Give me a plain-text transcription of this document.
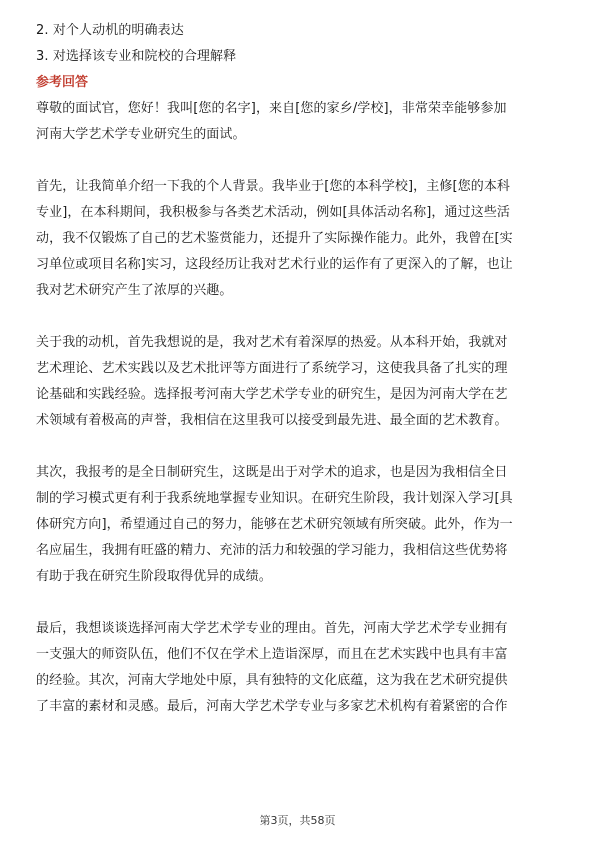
2. 对个人动机的明确表达
3. 对选择该专业和院校的合理解释
参考回答
尊敬的面试官，您好！我叫[您的名字]，来自[您的家乡/学校]，非常荣幸能够参加
河南大学艺术学专业研究生的面试。
首先，让我简单介绍一下我的个人背景。我毕业于[您的本科学校]，主修[您的本科
专业]，在本科期间，我积极参与各类艺术活动，例如[具体活动名称]，通过这些活
动，我不仅锻炼了自己的艺术鉴赏能力，还提升了实际操作能力。此外，我曾在[实
习单位或项目名称]实习，这段经历让我对艺术行业的运作有了更深入的了解，也让
我对艺术研究产生了浓厚的兴趣。
关于我的动机，首先我想说的是，我对艺术有着深厚的热爱。从本科开始，我就对
艺术理论、艺术实践以及艺术批评等方面进行了系统学习，这使我具备了扎实的理
论基础和实践经验。选择报考河南大学艺术学专业的研究生，是因为河南大学在艺
术领域有着极高的声誉，我相信在这里我可以接受到最先进、最全面的艺术教育。
其次，我报考的是全日制研究生，这既是出于对学术的追求，也是因为我相信全日
制的学习模式更有利于我系统地掌握专业知识。在研究生阶段，我计划深入学习[具
体研究方向]，希望通过自己的努力，能够在艺术研究领域有所突破。此外，作为一
名应届生，我拥有旺盛的精力、充沛的活力和较强的学习能力，我相信这些优势将
有助于我在研究生阶段取得优异的成绩。
最后，我想谈谈选择河南大学艺术学专业的理由。首先，河南大学艺术学专业拥有
一支强大的师资队伍，他们不仅在学术上造诣深厚，而且在艺术实践中也具有丰富
的经验。其次，河南大学地处中原，具有独特的文化底蕴，这为我在艺术研究提供
了丰富的素材和灵感。最后，河南大学艺术学专业与多家艺术机构有着紧密的合作
第3页，共58页
